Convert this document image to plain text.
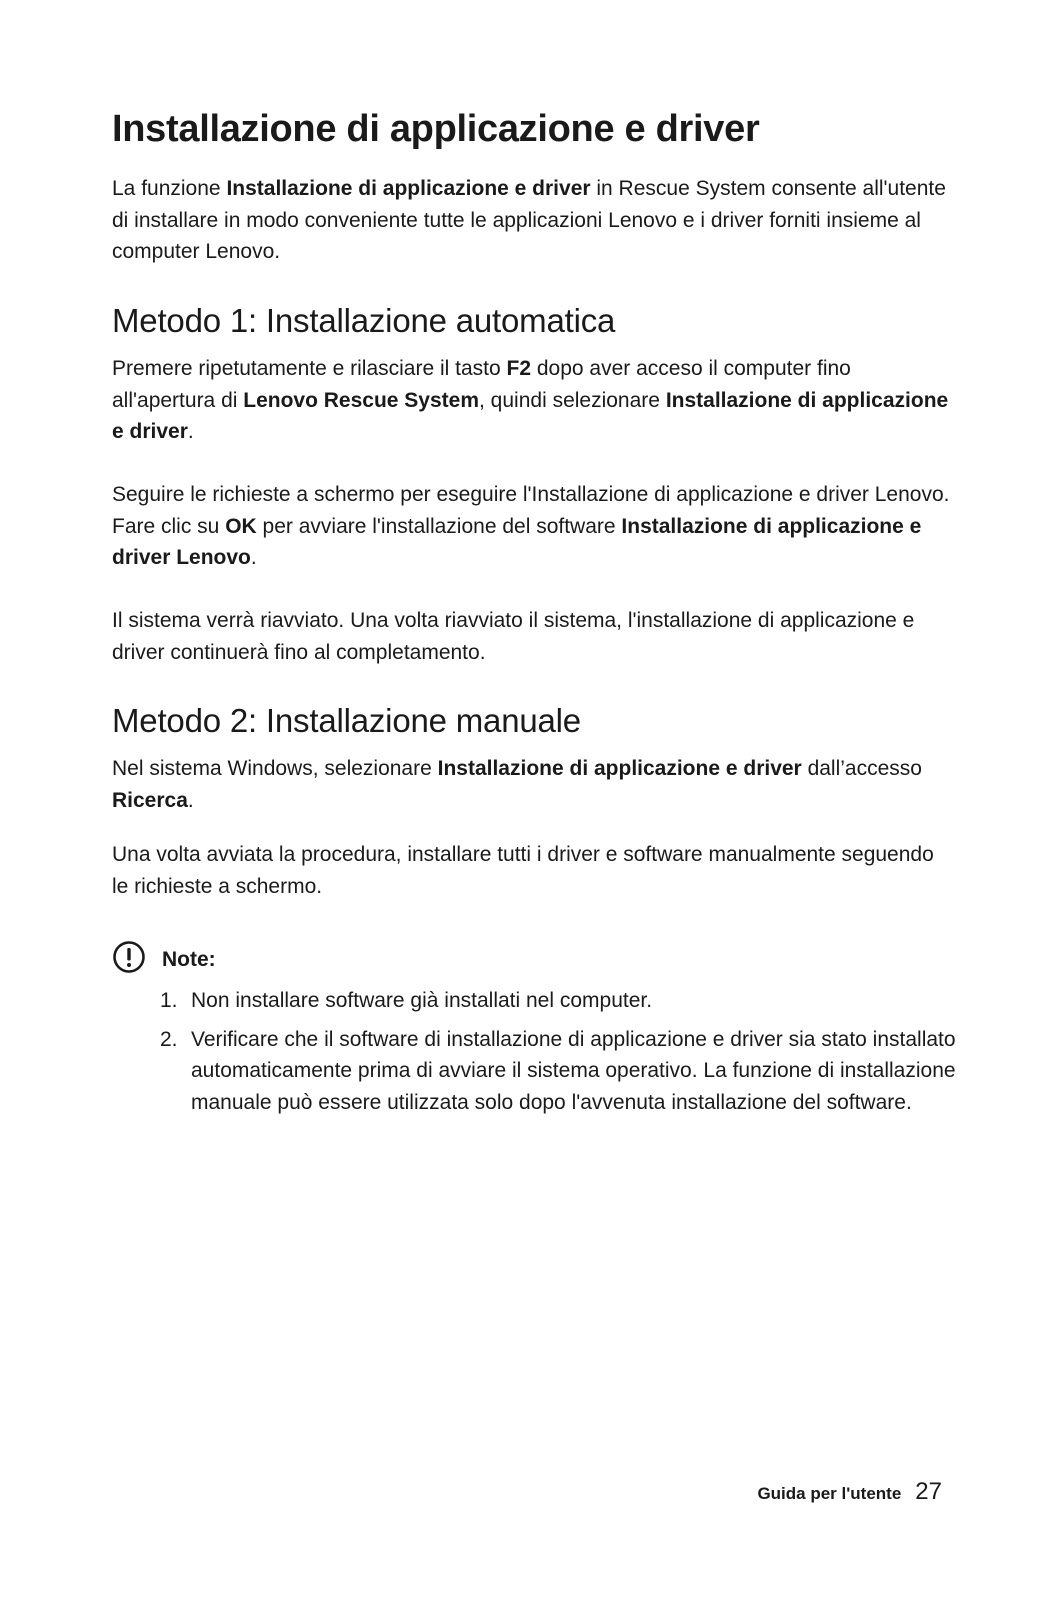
Installazione di applicazione e driver

La funzione Installazione di applicazione e driver in Rescue System consente all'utente di installare in modo conveniente tutte le applicazioni Lenovo e i driver forniti insieme al computer Lenovo.

Metodo 1: Installazione automatica

Premere ripetutamente e rilasciare il tasto F2 dopo aver acceso il computer fino all'apertura di Lenovo Rescue System, quindi selezionare Installazione di applicazione e driver.

Seguire le richieste a schermo per eseguire l'Installazione di applicazione e driver Lenovo. Fare clic su OK per avviare l'installazione del software Installazione di applicazione e driver Lenovo.

Il sistema verrà riavviato. Una volta riavviato il sistema, l'installazione di applicazione e driver continuerà fino al completamento.

Metodo 2: Installazione manuale

Nel sistema Windows, selezionare Installazione di applicazione e driver dall’accesso Ricerca.

Una volta avviata la procedura, installare tutti i driver e software manualmente seguendo le richieste a schermo.

Note:
1. Non installare software già installati nel computer.
2. Verificare che il software di installazione di applicazione e driver sia stato installato automaticamente prima di avviare il sistema operativo. La funzione di installazione manuale può essere utilizzata solo dopo l'avvenuta installazione del software.
Guida per l'utente 27
